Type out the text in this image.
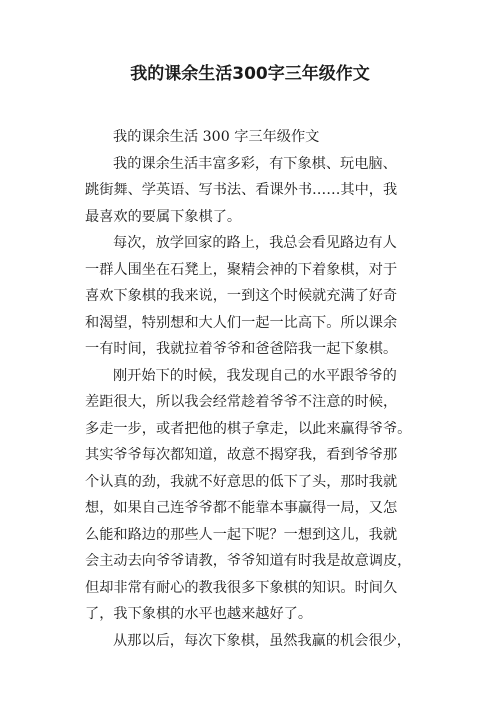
我的课余生活300字三年级作文
我的课余生活 300 字三年级作文
我的课余生活丰富多彩，有下象棋、玩电脑、
跳街舞、学英语、写书法、看课外书……其中，我
最喜欢的要属下象棋了。
每次，放学回家的路上，我总会看见路边有人
一群人围坐在石凳上，聚精会神的下着象棋，对于
喜欢下象棋的我来说，一到这个时候就充满了好奇
和渴望，特别想和大人们一起一比高下。所以课余
一有时间，我就拉着爷爷和爸爸陪我一起下象棋。
刚开始下的时候，我发现自己的水平跟爷爷的
差距很大，所以我会经常趁着爷爷不注意的时候，
多走一步，或者把他的棋子拿走，以此来赢得爷爷。
其实爷爷每次都知道，故意不揭穿我，看到爷爷那
个认真的劲，我就不好意思的低下了头，那时我就
想，如果自己连爷爷都不能靠本事赢得一局，又怎
么能和路边的那些人一起下呢？一想到这儿，我就
会主动去向爷爷请教，爷爷知道有时我是故意调皮，
但却非常有耐心的教我很多下象棋的知识。时间久
了，我下象棋的水平也越来越好了。
从那以后，每次下象棋，虽然我赢的机会很少，
